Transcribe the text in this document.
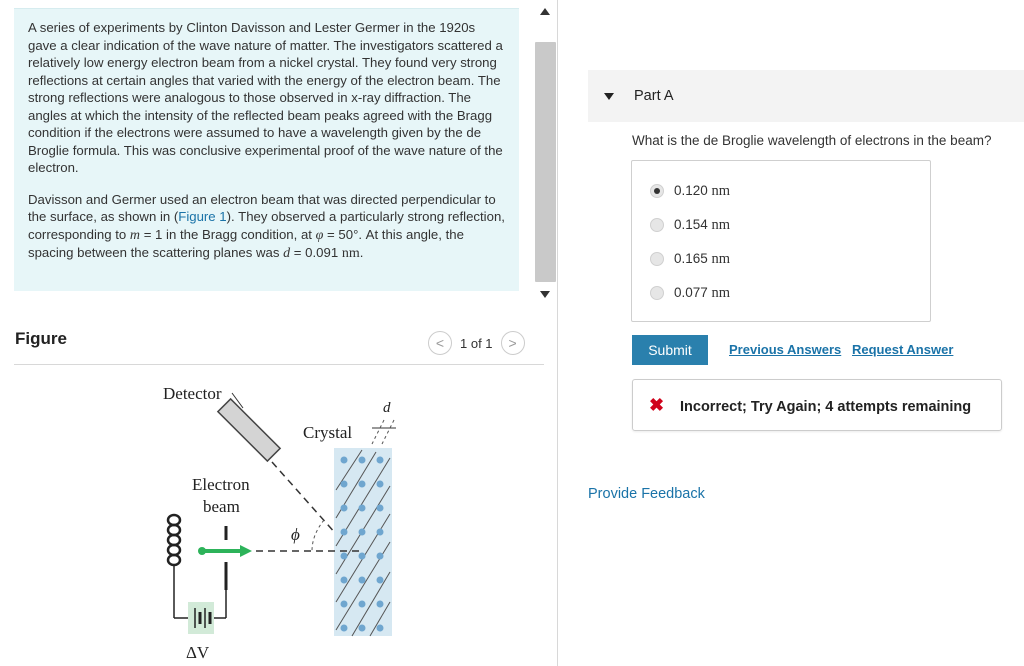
A series of experiments by Clinton Davisson and Lester Germer in the 1920s gave a clear indication of the wave nature of matter. The investigators scattered a relatively low energy electron beam from a nickel crystal. They found very strong reflections at certain angles that varied with the energy of the electron beam. The strong reflections were analogous to those observed in x-ray diffraction. The angles at which the intensity of the reflected beam peaks agreed with the Bragg condition if the electrons were assumed to have a wavelength given by the de Broglie formula. This was conclusive experimental proof of the wave nature of the electron.

Davisson and Germer used an electron beam that was directed perpendicular to the surface, as shown in (Figure 1). They observed a particularly strong reflection, corresponding to m = 1 in the Bragg condition, at φ = 50°. At this angle, the spacing between the scattering planes was d = 0.091 nm.

Figure	<	1 of 1	>
Detector
Crystal
d
Electron
beam
ϕ
ΔV
Part A
What is the de Broglie wavelength of electrons in the beam?
0.120 nm
0.154 nm
0.165 nm
0.077 nm
Submit	Previous Answers Request Answer
✖ Incorrect; Try Again; 4 attempts remaining
Provide Feedback
